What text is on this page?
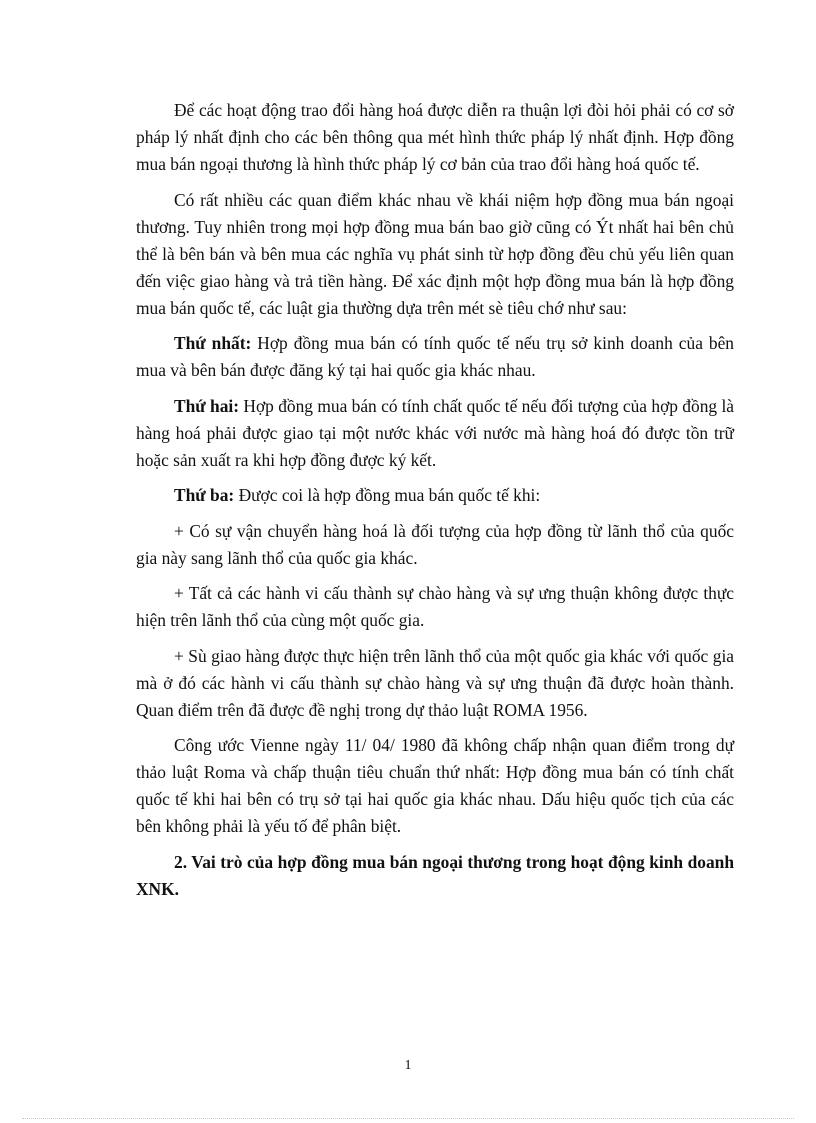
Để các hoạt động trao đổi hàng hoá được diễn ra thuận lợi đòi hỏi phải có cơ sở pháp lý nhất định cho các bên thông qua mét hình thức pháp lý nhất định. Hợp đồng mua bán ngoại thương là hình thức pháp lý cơ bản của trao đổi hàng hoá quốc tế.

Có rất nhiều các quan điểm khác nhau về khái niệm hợp đồng mua bán ngoại thương. Tuy nhiên trong mọi hợp đồng mua bán bao giờ cũng có Ýt nhất hai bên chủ thể là bên bán và bên mua các nghĩa vụ phát sinh từ hợp đồng đều chủ yếu liên quan đến việc giao hàng và trả tiền hàng. Để xác định một hợp đồng mua bán là hợp đồng mua bán quốc tế, các luật gia thường dựa trên mét sè tiêu chớ như sau:

Thứ nhất: Hợp đồng mua bán có tính quốc tế nếu trụ sở kinh doanh của bên mua và bên bán được đăng ký tại hai quốc gia khác nhau.

Thứ hai: Hợp đồng mua bán có tính chất quốc tế nếu đối tượng của hợp đồng là hàng hoá phải được giao tại một nước khác với nước mà hàng hoá đó được tồn trữ hoặc sản xuất ra khi hợp đồng được ký kết.

Thứ ba: Được coi là hợp đồng mua bán quốc tế khi:

+ Có sự vận chuyển hàng hoá là đối tượng của hợp đồng từ lãnh thổ của quốc gia này sang lãnh thổ của quốc gia khác.

+ Tất cả các hành vi cấu thành sự chào hàng và sự ưng thuận không được thực hiện trên lãnh thổ của cùng một quốc gia.

+ Sù giao hàng được thực hiện trên lãnh thổ của một quốc gia khác với quốc gia mà ở đó các hành vi cấu thành sự chào hàng và sự ưng thuận đã được hoàn thành. Quan điểm trên đã được đề nghị trong dự thảo luật ROMA 1956.

Công ước Vienne ngày 11/ 04/ 1980 đã không chấp nhận quan điểm trong dự thảo luật Roma và chấp thuận tiêu chuẩn thứ nhất: Hợp đồng mua bán có tính chất quốc tế khi hai bên có trụ sở tại hai quốc gia khác nhau. Dấu hiệu quốc tịch của các bên không phải là yếu tố để phân biệt.

2. Vai trò của hợp đồng mua bán ngoại thương trong hoạt động kinh doanh XNK.

1
